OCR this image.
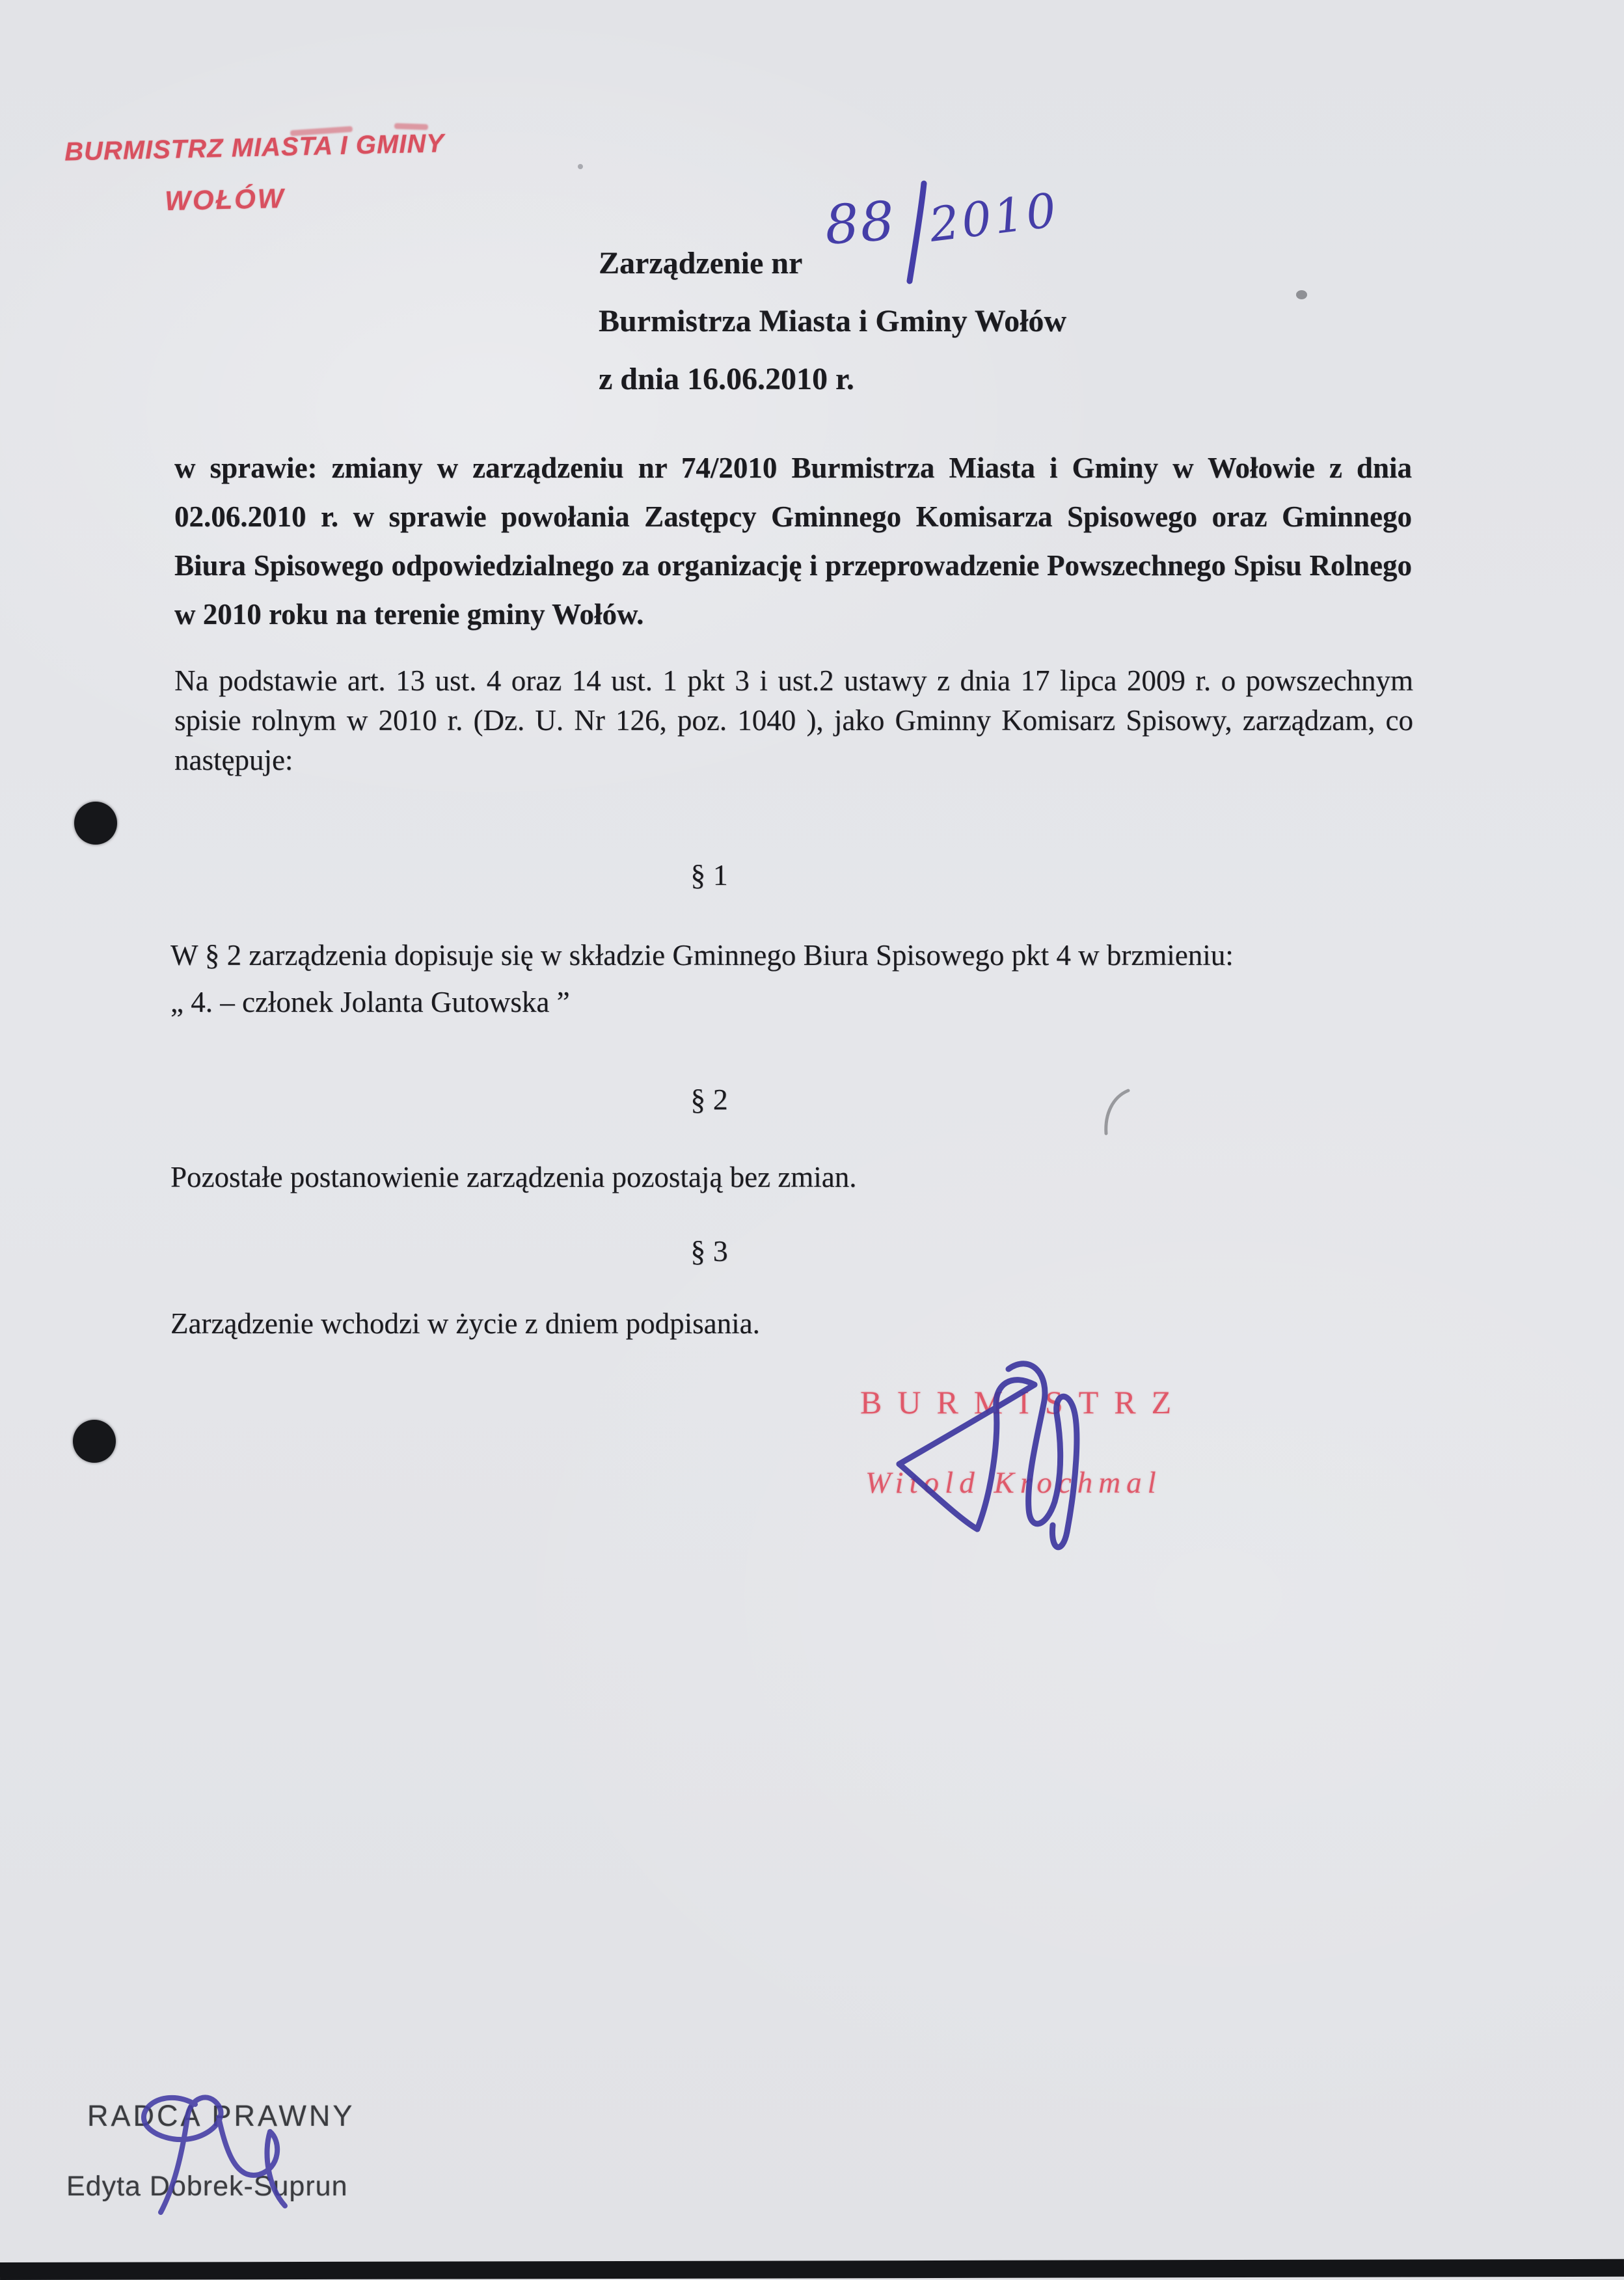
BURMISTRZ MIASTA I GMINY
WOŁÓW
Zarządzenie nr
Burmistrza Miasta i Gminy Wołów
z dnia 16.06.2010 r.
88 2010
w sprawie: zmiany w zarządzeniu nr 74/2010 Burmistrza Miasta i Gminy w Wołowie z dnia 02.06.2010 r. w sprawie powołania Zastępcy Gminnego Komisarza Spisowego oraz Gminnego Biura Spisowego odpowiedzialnego za organizację i przeprowadzenie Powszechnego Spisu Rolnego w 2010 roku na terenie gminy Wołów.
Na podstawie art. 13 ust. 4 oraz 14 ust. 1 pkt 3 i ust.2 ustawy z dnia 17 lipca 2009 r. o powszechnym spisie rolnym w 2010 r. (Dz. U. Nr 126, poz. 1040 ), jako Gminny Komisarz Spisowy, zarządzam, co następuje:
§ 1
W § 2 zarządzenia dopisuje się w składzie Gminnego Biura Spisowego pkt 4 w brzmieniu:
„ 4. – członek Jolanta Gutowska ”
§ 2
Pozostałe postanowienie zarządzenia pozostają bez zmian.
§ 3
Zarządzenie wchodzi w życie z dniem podpisania.
BURMISTRZ
Witold Krochmal
RADCA PRAWNY
Edyta Dobrek-Suprun
